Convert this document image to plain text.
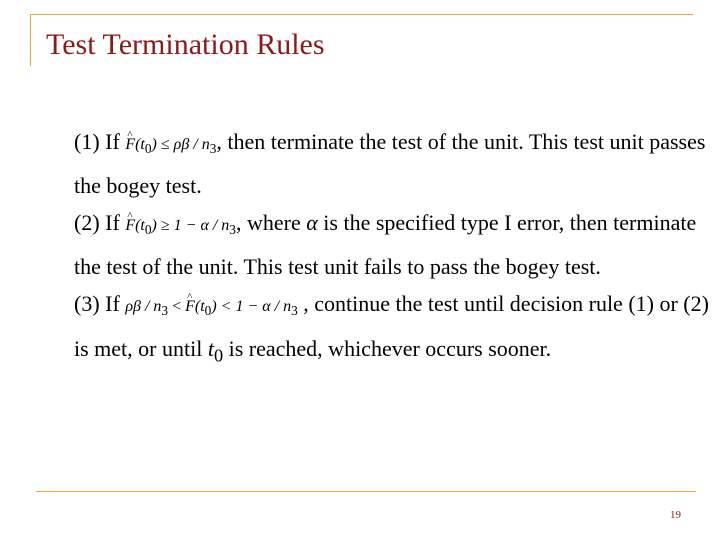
Test Termination Rules

(1) If ^ $F(t_0) \le \rho\beta / n_3$, then terminate the test of the unit. This test unit passes the bogey test.

(2) If ^ $F(t_0) \ge 1 - \alpha / n_3$, where α is the specified type I error, then terminate the test of the unit. This test unit fails to pass the bogey test.

(3) If ρβ / $n_3$ < ^ $F(t_0) < 1 - \alpha / n_3$ , continue the test until decision rule (1) or (2) is met, or until $t_0$ is reached, whichever occurs sooner.

19
